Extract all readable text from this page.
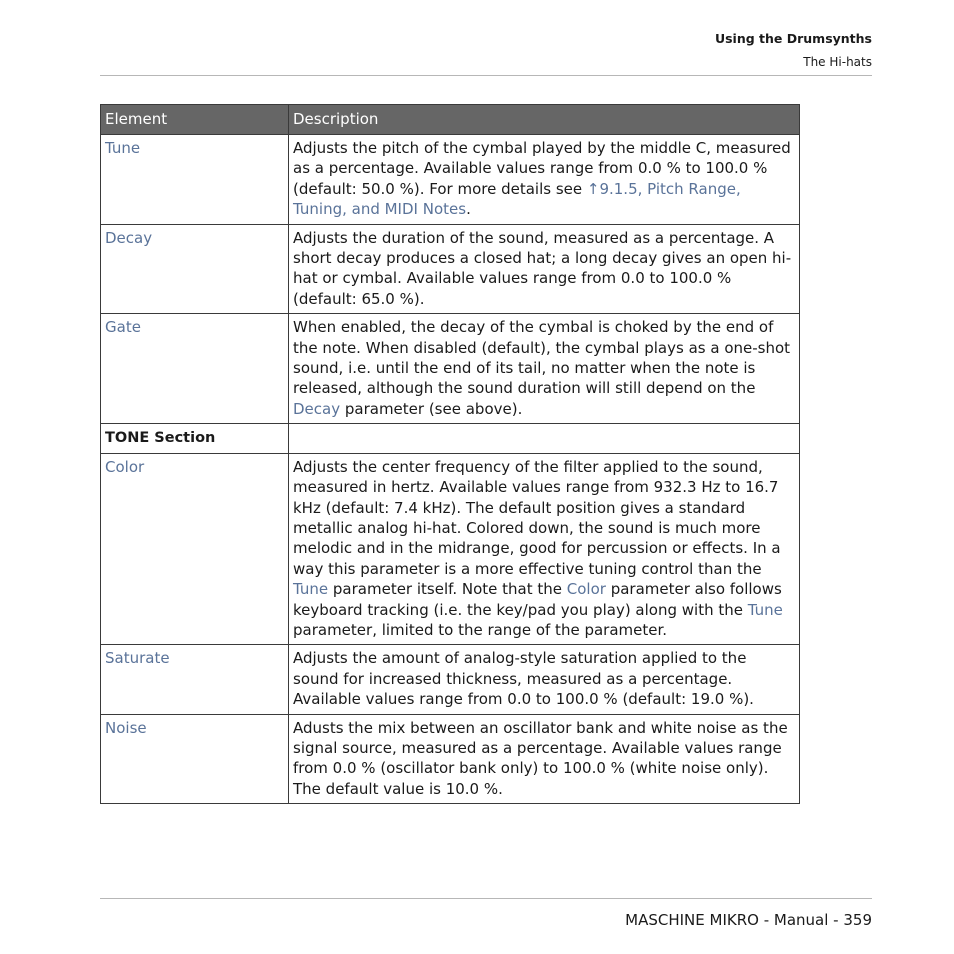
Using the Drumsynths
The Hi-hats
Element	Description
Tune	Adjusts the pitch of the cymbal played by the middle C, measured as a percentage. Available values range from 0.0 % to 100.0 % (default: 50.0 %). For more details see ↑9.1.5, Pitch Range, Tuning, and MIDI Notes.
Decay	Adjusts the duration of the sound, measured as a percentage. A short decay produces a closed hat; a long decay gives an open hi-hat or cymbal. Available values range from 0.0 to 100.0 % (default: 65.0 %).
Gate	When enabled, the decay of the cymbal is choked by the end of the note. When disabled (default), the cymbal plays as a one-shot sound, i.e. until the end of its tail, no matter when the note is released, although the sound duration will still depend on the Decay parameter (see above).
TONE Section	
Color	Adjusts the center frequency of the filter applied to the sound, measured in hertz. Available values range from 932.3 Hz to 16.7 kHz (default: 7.4 kHz). The default position gives a standard metallic analog hi-hat. Colored down, the sound is much more melodic and in the midrange, good for percussion or effects. In a way this parameter is a more effective tuning control than the Tune parameter itself. Note that the Color parameter also follows keyboard tracking (i.e. the key/pad you play) along with the Tune parameter, limited to the range of the parameter.
Saturate	Adjusts the amount of analog-style saturation applied to the sound for increased thickness, measured as a percentage. Available values range from 0.0 to 100.0 % (default: 19.0 %).
Noise	Adusts the mix between an oscillator bank and white noise as the signal source, measured as a percentage. Available values range from 0.0 % (oscillator bank only) to 100.0 % (white noise only). The default value is 10.0 %.
MASCHINE MIKRO - Manual - 359
